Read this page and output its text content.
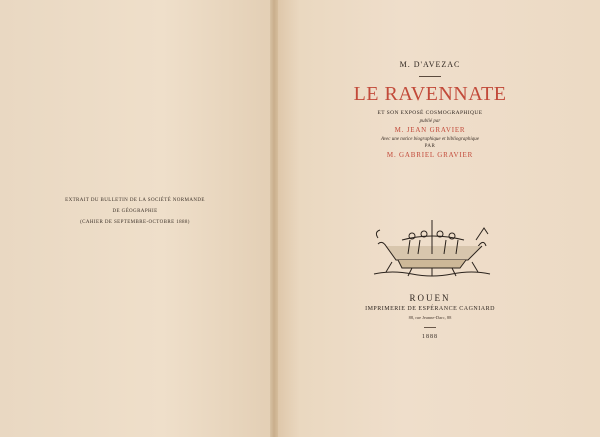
EXTRAIT DU BULLETIN DE LA SOCIÉTÉ NORMANDE
DE GÉOGRAPHIE
(CAHIER DE SEPTEMBRE-OCTOBRE 1888)
M. D'AVEZAC
LE RAVENNATE
ET SON EXPOSÉ COSMOGRAPHIQUE
publié par
M. JEAN GRAVIER
Avec une notice biographique et bibliographique
PAR
M. GABRIEL GRAVIER
ROUEN
IMPRIMERIE DE ESPÉRANCE CAGNIARD
88, rue Jeanne-Darc, 88
1888
